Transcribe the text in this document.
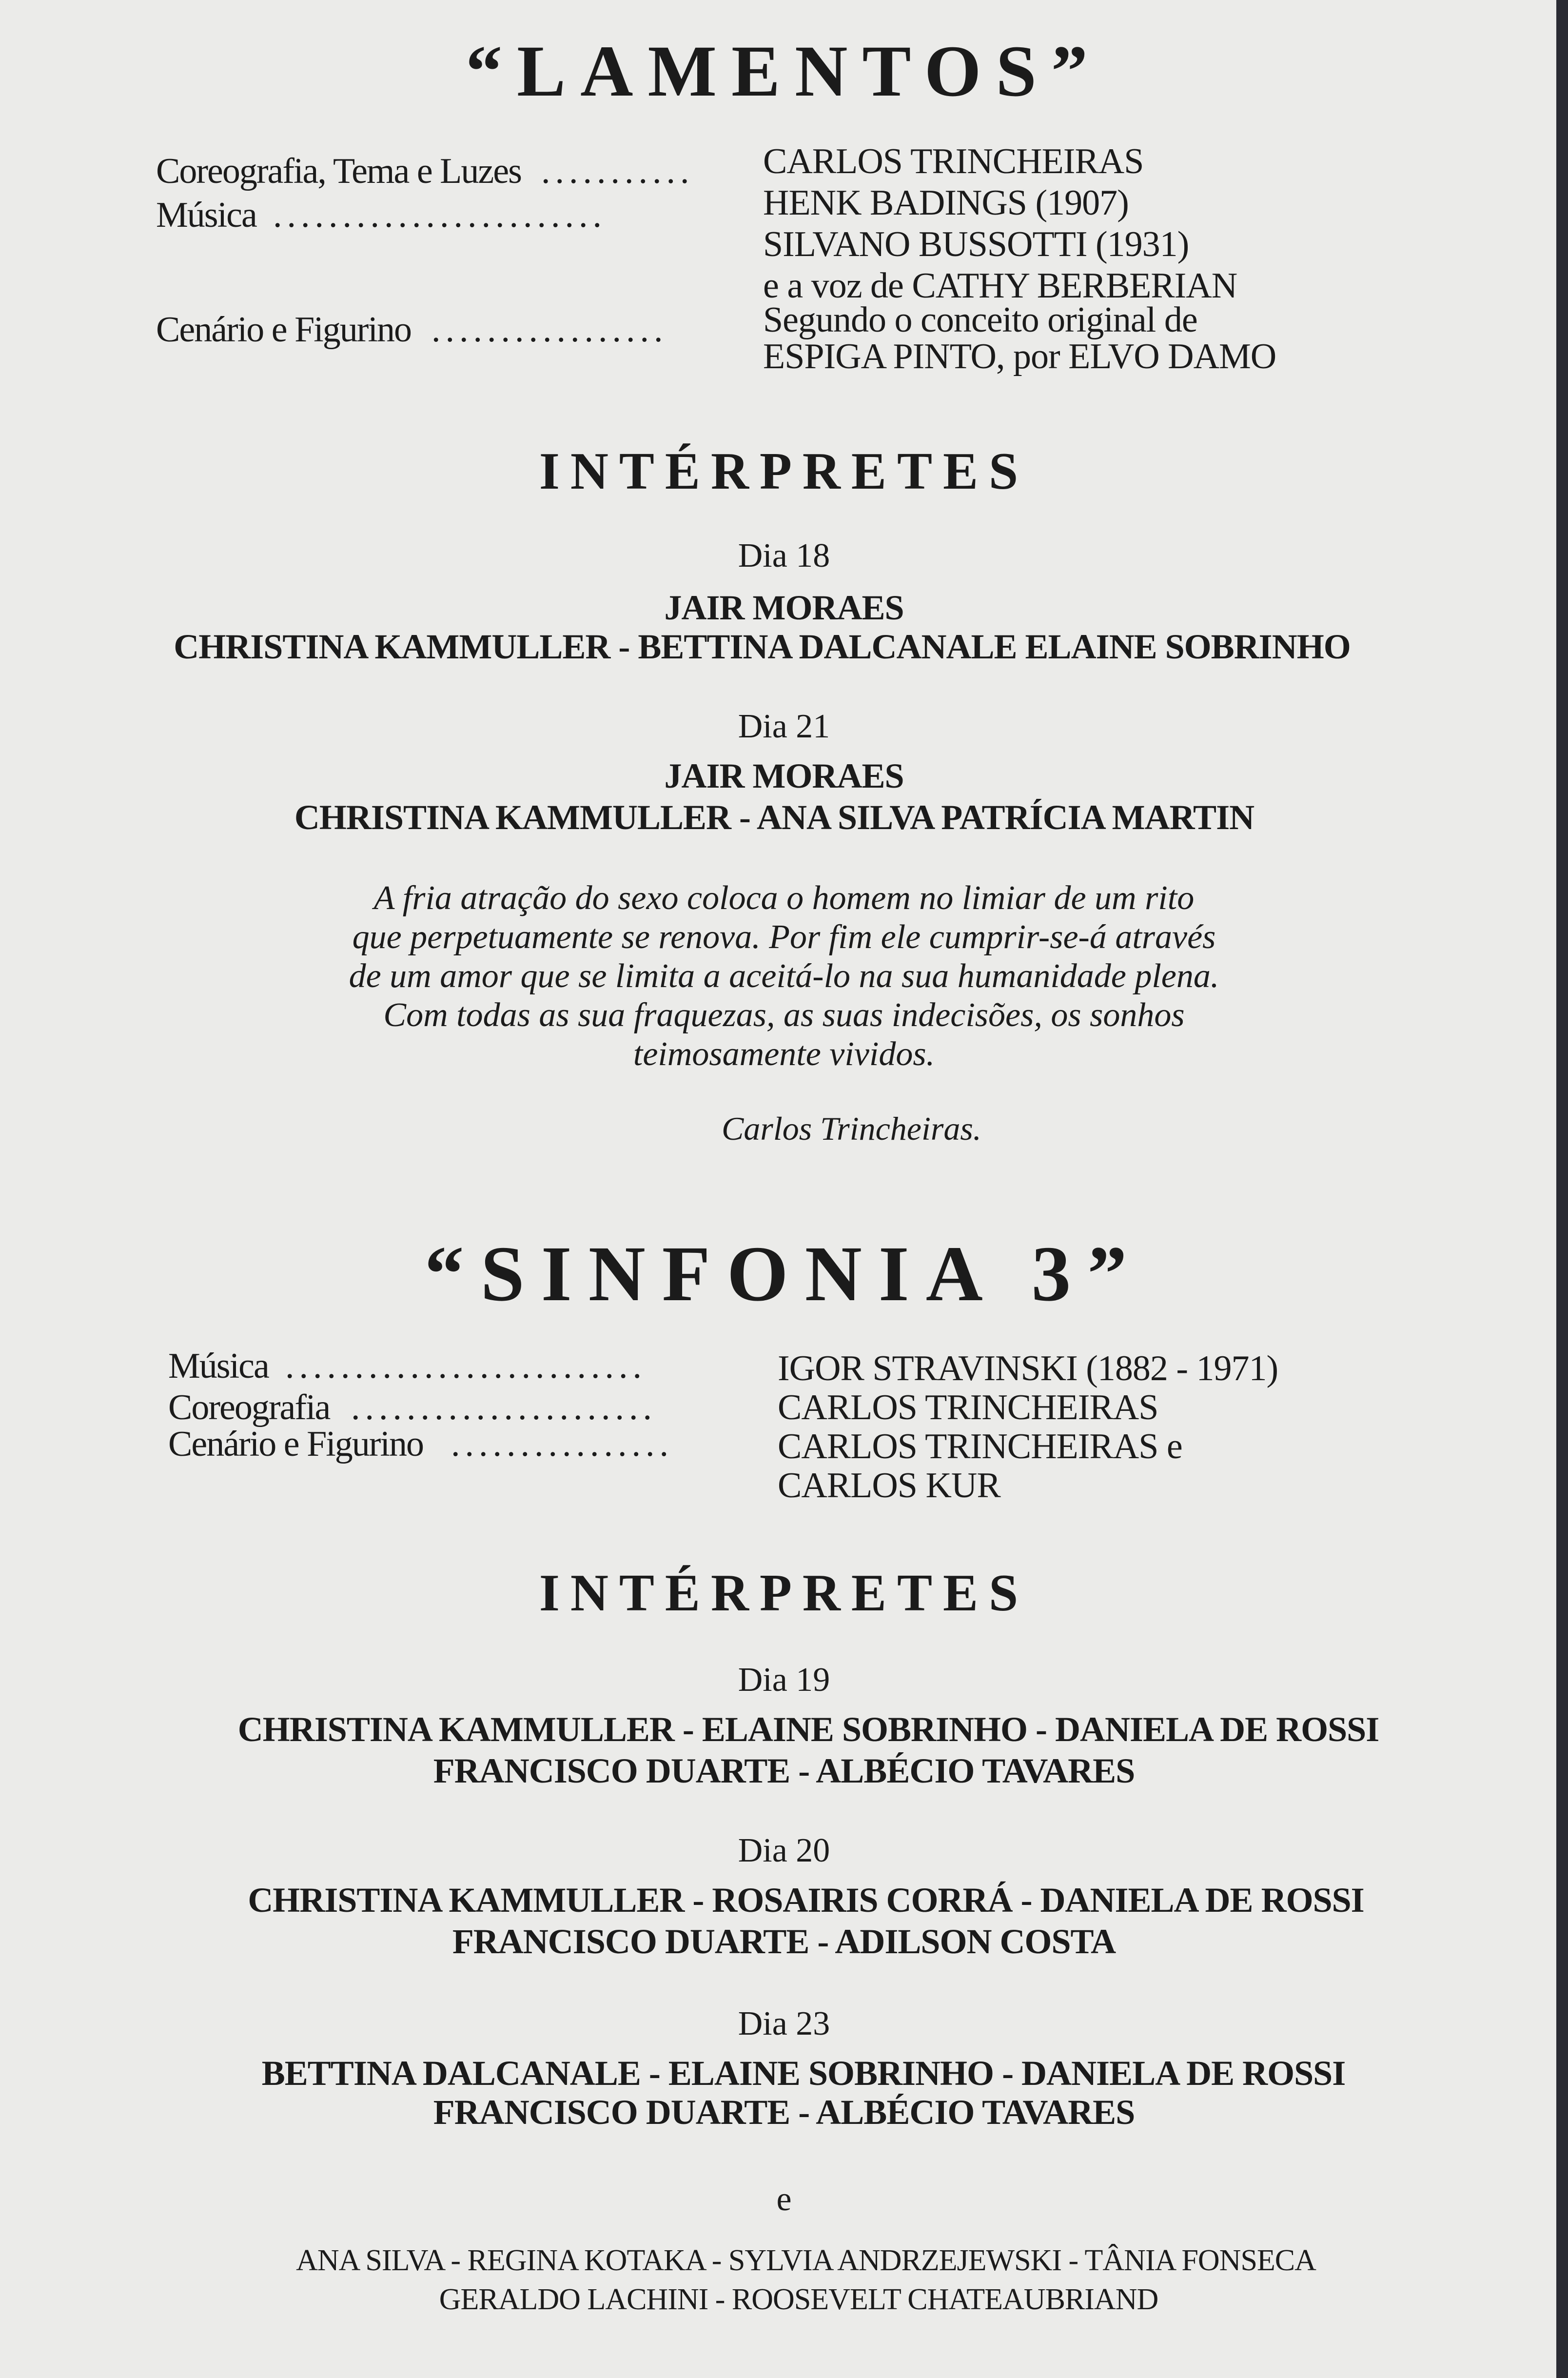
“LAMENTOS”
Coreografia, Tema e Luzes ...........	CARLOS TRINCHEIRAS
Música ........................	HENK BADINGS (1907)
SILVANO BUSSOTTI (1931)
e a voz de CATHY BERBERIAN
Cenário e Figurino .................	Segundo o conceito original de
ESPIGA PINTO, por ELVO DAMO
INTÉRPRETES
Dia 18
JAIR MORAES
CHRISTINA KAMMULLER - BETTINA DALCANALE ELAINE SOBRINHO
Dia 21
JAIR MORAES
CHRISTINA KAMMULLER - ANA SILVA PATRÍCIA MARTIN
A fria atração do sexo coloca o homem no limiar de um rito
que perpetuamente se renova. Por fim ele cumprir-se-á através
de um amor que se limita a aceitá-lo na sua humanidade plena.
Com todas as sua fraquezas, as suas indecisões, os sonhos
teimosamente vividos.
Carlos Trincheiras.
“SINFONIA 3”
Música ..........................	IGOR STRAVINSKI (1882 - 1971)
Coreografia ......................	CARLOS TRINCHEIRAS
Cenário e Figurino ................	CARLOS TRINCHEIRAS e
CARLOS KUR
INTÉRPRETES
Dia 19
CHRISTINA KAMMULLER - ELAINE SOBRINHO - DANIELA DE ROSSI
FRANCISCO DUARTE - ALBÉCIO TAVARES
Dia 20
CHRISTINA KAMMULLER - ROSAIRIS CORRÁ - DANIELA DE ROSSI
FRANCISCO DUARTE - ADILSON COSTA
Dia 23
BETTINA DALCANALE - ELAINE SOBRINHO - DANIELA DE ROSSI
FRANCISCO DUARTE - ALBÉCIO TAVARES
e
ANA SILVA - REGINA KOTAKA - SYLVIA ANDRZEJEWSKI - TÂNIA FONSECA
GERALDO LACHINI - ROOSEVELT CHATEAUBRIAND
